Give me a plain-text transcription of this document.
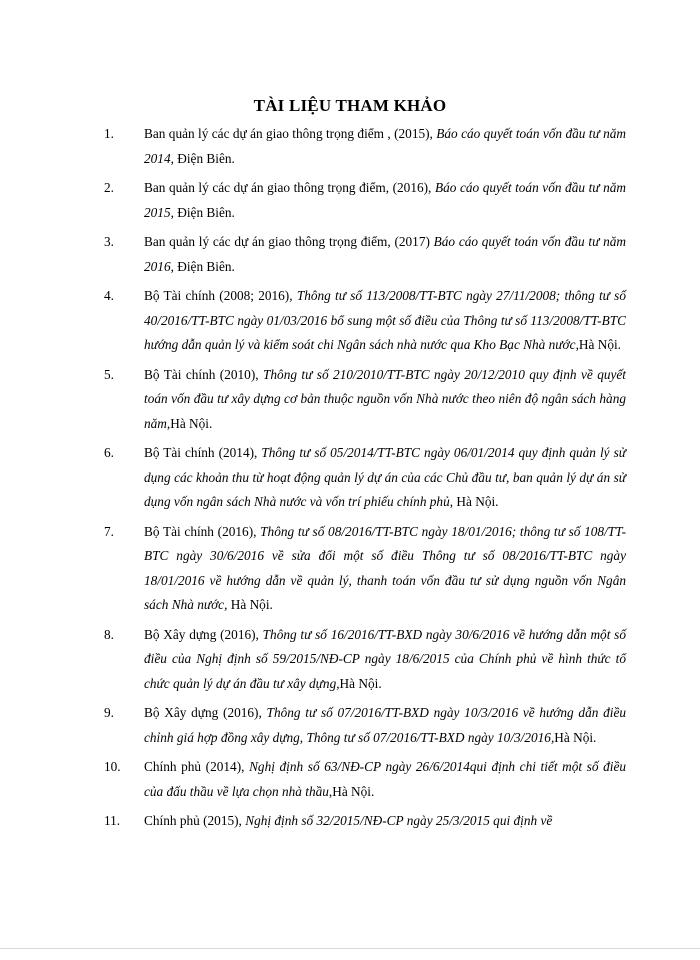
TÀI LIỆU THAM KHẢO
1. Ban quản lý các dự án giao thông trọng điểm , (2015), Báo cáo quyết toán vốn đầu tư năm 2014, Điện Biên.
2. Ban quản lý các dự án giao thông trọng điểm, (2016), Báo cáo quyết toán vốn đầu tư năm 2015, Điện Biên.
3. Ban quản lý các dự án giao thông trọng điểm, (2017) Báo cáo quyết toán vốn đầu tư năm 2016, Điện Biên.
4. Bộ Tài chính (2008; 2016), Thông tư số 113/2008/TT-BTC ngày 27/11/2008; thông tư số 40/2016/TT-BTC ngày 01/03/2016 bổ sung một số điều của Thông tư số 113/2008/TT-BTC hướng dẫn quản lý và kiểm soát chi Ngân sách nhà nước qua Kho Bạc Nhà nước,Hà Nội.
5. Bộ Tài chính (2010), Thông tư số 210/2010/TT-BTC ngày 20/12/2010 quy định về quyết toán vốn đầu tư xây dựng cơ bản thuộc nguồn vốn Nhà nước theo niên độ ngân sách hàng năm,Hà Nội.
6. Bộ Tài chính (2014), Thông tư số 05/2014/TT-BTC ngày 06/01/2014 quy định quản lý sử dụng các khoản thu từ hoạt động quản lý dự án của các Chủ đầu tư, ban quản lý dự án sử dụng vốn ngân sách Nhà nước và vốn trí phiếu chính phủ, Hà Nội.
7. Bộ Tài chính (2016), Thông tư số 08/2016/TT-BTC ngày 18/01/2016; thông tư số 108/TT-BTC ngày 30/6/2016 về sửa đổi một số điều Thông tư số 08/2016/TT-BTC ngày 18/01/2016 về hướng dẫn về quản lý, thanh toán vốn đầu tư sử dụng nguồn vốn Ngân sách Nhà nước, Hà Nội.
8. Bộ Xây dựng (2016), Thông tư số 16/2016/TT-BXD ngày 30/6/2016 về hướng dẫn một số điều của Nghị định số 59/2015/NĐ-CP ngày 18/6/2015 của Chính phủ về hình thức tổ chức quản lý dự án đầu tư xây dựng,Hà Nội.
9. Bộ Xây dựng (2016), Thông tư số 07/2016/TT-BXD ngày 10/3/2016 về hướng dẫn điều chỉnh giá hợp đồng xây dựng, Thông tư số 07/2016/TT-BXD ngày 10/3/2016,Hà Nội.
10. Chính phủ (2014), Nghị định số 63/NĐ-CP ngày 26/6/2014qui định chi tiết một số điều của đấu thầu về lựa chọn nhà thầu,Hà Nội.
11. Chính phủ (2015), Nghị định số 32/2015/NĐ-CP ngày 25/3/2015 qui định về
